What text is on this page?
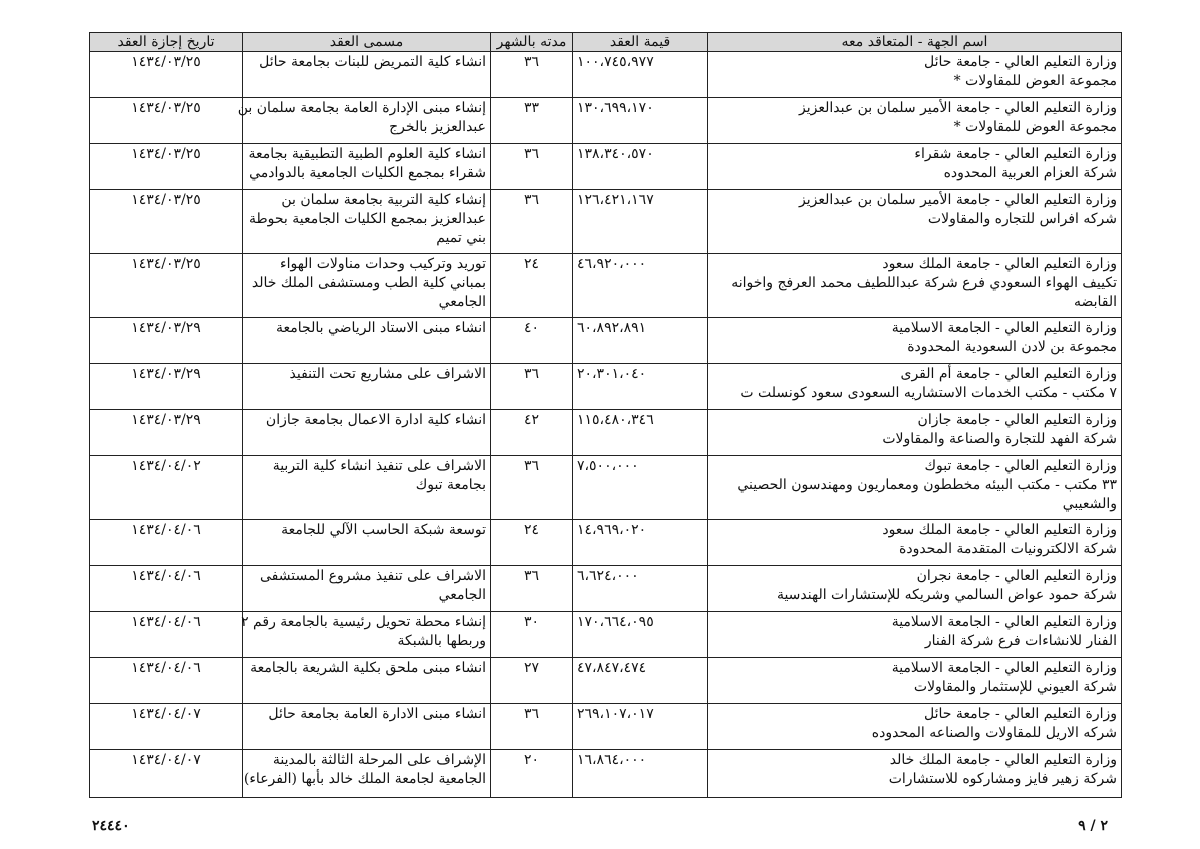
اسم الجهة - المتعاقد معه	قيمة العقد	مدته بالشهر	مسمى العقد	تاريخ إجازة العقد

وزارة التعليم العالي - جامعة حائل
مجموعة العوض للمقاولات *	١٠٠،٧٤٥،٩٧٧	٣٦	انشاء كلية التمريض للبنات بجامعة حائل	١٤٣٤/٠٣/٢٥

وزارة التعليم العالي - جامعة الأمير سلمان بن عبدالعزيز
مجموعة العوض للمقاولات *	١٣٠،٦٩٩،١٧٠	٣٣	إنشاء مبنى الإدارة العامة بجامعة سلمان بن
عبدالعزيز بالخرج	١٤٣٤/٠٣/٢٥

وزارة التعليم العالي - جامعة شقراء
شركة العزام العربية المحدوده	١٣٨،٣٤٠،٥٧٠	٣٦	انشاء كلية العلوم الطبية التطبيقية بجامعة
شقراء بمجمع الكليات الجامعية بالدوادمي	١٤٣٤/٠٣/٢٥

وزارة التعليم العالي - جامعة الأمير سلمان بن عبدالعزيز
شركه افراس للتجاره والمقاولات	١٢٦،٤٢١،١٦٧	٣٦	إنشاء كلية التربية بجامعة سلمان بن
عبدالعزيز بمجمع الكليات الجامعية بحوطة
بني تميم	١٤٣٤/٠٣/٢٥

وزارة التعليم العالي - جامعة الملك سعود
تكييف الهواء السعودي فرع شركة عبداللطيف محمد العرفج واخوانه
القابضه	٤٦،٩٢٠،٠٠٠	٢٤	توريد وتركيب وحدات مناولات الهواء
بمباني كلية الطب ومستشفى الملك خالد
الجامعي	١٤٣٤/٠٣/٢٥

وزارة التعليم العالي - الجامعة الاسلامية
مجموعة بن لادن السعودية المحدودة	٦٠،٨٩٢،٨٩١	٤٠	انشاء مبنى الاستاد الرياضي بالجامعة	١٤٣٤/٠٣/٢٩

وزارة التعليم العالي - جامعة أم القرى
٧ مكتب - مكتب الخدمات الاستشاريه السعودى سعود كونسلت ت	٢٠،٣٠١،٠٤٠	٣٦	الاشراف على مشاريع تحت التنفيذ	١٤٣٤/٠٣/٢٩

وزارة التعليم العالي - جامعة جازان
شركة الفهد للتجارة والصناعة والمقاولات	١١٥،٤٨٠،٣٤٦	٤٢	انشاء كلية ادارة الاعمال بجامعة جازان	١٤٣٤/٠٣/٢٩

وزارة التعليم العالي - جامعة تبوك
٣٣ مكتب - مكتب البيئه مخططون ومعماريون ومهندسون الحصيني
والشعيبي	٧،٥٠٠،٠٠٠	٣٦	الاشراف على تنفيذ انشاء كلية التربية
بجامعة تبوك	١٤٣٤/٠٤/٠٢

وزارة التعليم العالي - جامعة الملك سعود
شركة الالكترونيات المتقدمة المحدودة	١٤،٩٦٩،٠٢٠	٢٤	توسعة شبكة الحاسب الآلي للجامعة	١٤٣٤/٠٤/٠٦

وزارة التعليم العالي - جامعة نجران
شركة حمود عواض السالمي وشريكه للإستشارات الهندسية	٦،٦٢٤،٠٠٠	٣٦	الاشراف على تنفيذ مشروع المستشفى
الجامعي	١٤٣٤/٠٤/٠٦

وزارة التعليم العالي - الجامعة الاسلامية
الفنار للانشاءات فرع شركة الفنار	١٧٠،٦٦٤،٠٩٥	٣٠	إنشاء محطة تحويل رئيسية بالجامعة رقم ٢
وربطها بالشبكة	١٤٣٤/٠٤/٠٦

وزارة التعليم العالي - الجامعة الاسلامية
شركة العيوني للإستثمار والمقاولات	٤٧،٨٤٧،٤٧٤	٢٧	انشاء مبنى ملحق بكلية الشريعة بالجامعة	١٤٣٤/٠٤/٠٦

وزارة التعليم العالي - جامعة حائل
شركه الاريل للمقاولات والصناعه المحدوده	٢٦٩،١٠٧،٠١٧	٣٦	انشاء مبنى الادارة العامة بجامعة حائل	١٤٣٤/٠٤/٠٧

وزارة التعليم العالي - جامعة الملك خالد
شركة زهير فايز ومشاركوه للاستشارات	١٦،٨٦٤،٠٠٠	٢٠	الإشراف على المرحلة الثالثة بالمدينة
الجامعية لجامعة الملك خالد بأبها (الفرعاء)	١٤٣٤/٠٤/٠٧
٢٤٤٤٠	٢ / ٩
